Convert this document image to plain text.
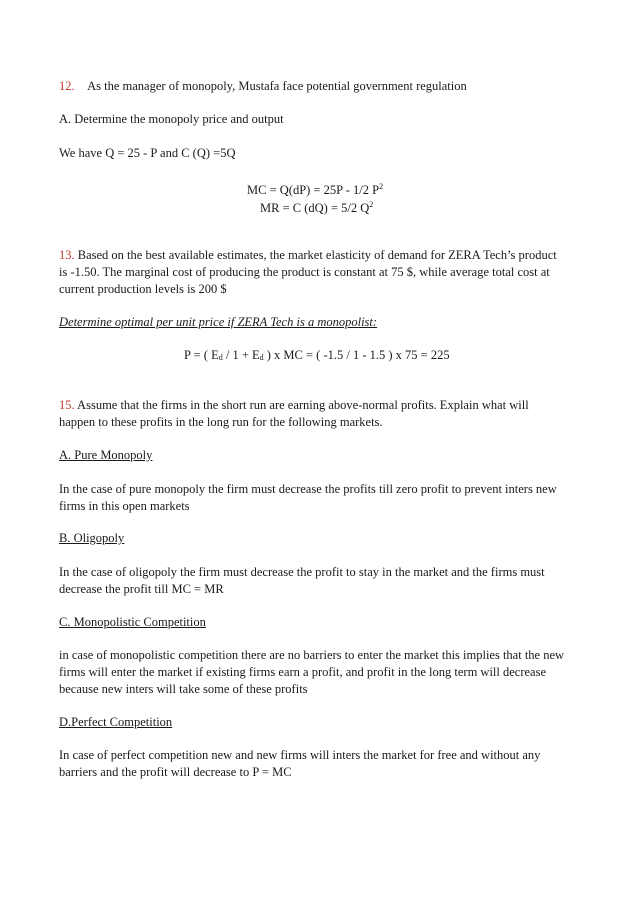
12. As the manager of monopoly, Mustafa face potential government regulation
A. Determine the monopoly price and output
We have Q = 25 - P and C (Q) =5Q
MC = Q(dP) = 25P - 1/2 $P^2$
MR = C (dQ) = 5/2 $Q^2$
13. Based on the best available estimates, the market elasticity of demand for ZERA Tech’s product
is -1.50. The marginal cost of producing the product is constant at 75 $, while average total cost at
current production levels is 200 $
Determine optimal per unit price if ZERA Tech is a monopolist:
P = ( $E_d / 1 + E_d$ ) x MC = ( -1.5 / 1 - 1.5 ) x 75 = 225
15. Assume that the firms in the short run are earning above-normal profits. Explain what will
happen to these profits in the long run for the following markets.
A. Pure Monopoly
In the case of pure monopoly the firm must decrease the profits till zero profit to prevent inters new
firms in this open markets
B. Oligopoly
In the case of oligopoly the firm must decrease the profit to stay in the market and the firms must
decrease the profit till MC = MR
C. Monopolistic Competition
in case of monopolistic competition there are no barriers to enter the market this implies that the new
firms will enter the market if existing firms earn a profit, and profit in the long term will decrease
because new inters will take some of these profits
D.Perfect Competition
In case of perfect competition new and new firms will inters the market for free and without any
barriers and the profit will decrease to P = MC
